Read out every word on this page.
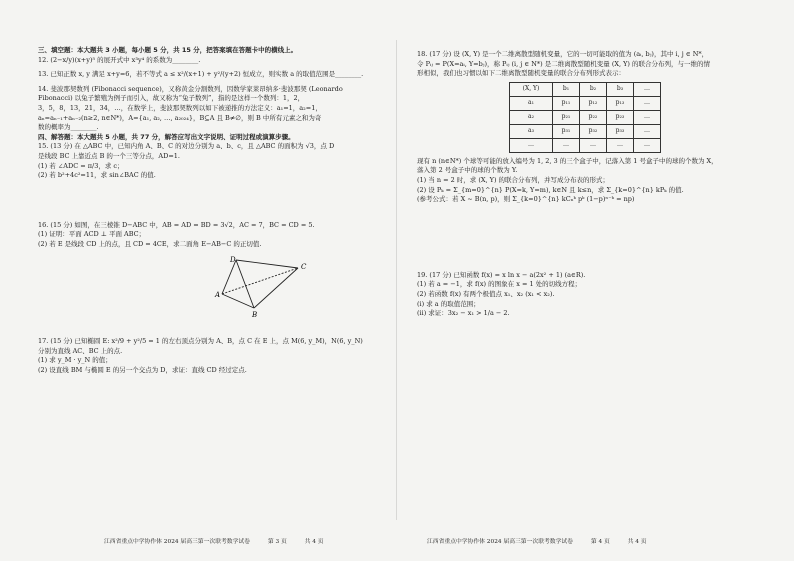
三、填空题：本大题共 3 小题，每小题 5 分，共 15 分，把答案填在答题卡中的横线上。

12. (2−x/y)(x+y)⁵ 的展开式中 x³y⁴ 的系数为________.

13. 已知正数 x, y 满足 x+y=6，若不等式 a ≤ x²/(x+1) + y²/(y+2) 恒成立，则实数 a 的取值范围是________.

14. 斐波那契数列 (Fibonacci sequence)，又称黄金分割数列，因数学家莱昂纳多·斐波那契 (Leonardo

Fibonacci) 以兔子繁殖为例子而引入，故又称为“兔子数列”，指的是这样一个数列：1，2，

3，5，8，13，21，34，…，在数学上，斐波那契数列以如下被递推的方法定义：a₁=1，a₂=1，

aₙ=aₙ₋₁+aₙ₋₂(n≥2, n∈N*)，A={a₁, a₂, …, a₂₀₂₄}，B⊆A 且 B≠∅，则 B 中所有元素之和为奇

数的概率为________.

四、解答题：本大题共 5 小题，共 77 分，解答应写出文字说明、证明过程或演算步骤。

15. (13 分) 在 △ABC 中，已知内角 A、B、C 的对边分别为 a、b、c，且 △ABC 的面积为 √3，点 D

是线段 BC 上靠近点 B 的一个三等分点，AD=1.

(1) 若 ∠ADC = π/3，求 c；

(2) 若 b²+4c²=11，求 sin∠BAC 的值.

16. (15 分) 如图，在三棱锥 D−ABC 中，AB = AD = BD = 3√2，AC = 7，BC = CD = 5.

(1) 证明：平面 ACD ⊥ 平面 ABC；

(2) 若 E 是线段 CD 上的点，且 CD = 4CE，求二面角 E−AB−C 的正切值.

D
C
A
B

17. (15 分) 已知椭圆 E: x²/9 + y²/5 = 1 的左右顶点分别为 A、B，点 C 在 E 上，点 M(6, y_M)，N(6, y_N)

分别为直线 AC、BC 上的点.

(1) 求 y_M · y_N 的值；

(2) 设直线 BM 与椭圆 E 的另一个交点为 D，求证：直线 CD 经过定点.

江西省重点中学协作体 2024 届高三第一次联考数学试卷	第 3 页	共 4 页

18. (17 分) 设 (X, Y) 是一个二维离散型随机变量，它的一切可能取的值为 (aᵢ, bⱼ)，其中 i, j ∈ N*，

令 Pᵢⱼ = P(X=aᵢ, Y=bⱼ)，称 Pᵢⱼ (i, j ∈ N*) 是二维离散型随机变量 (X, Y) 的联合分布列，与一维的情

形相似，我们也习惯以如下二维离散型随机变量的联合分布列形式表示：

(X, Y)	b₁	b₂	b₃	…
a₁	p₁₁	p₁₂	p₁₃	…
a₂	p₂₁	p₂₂	p₂₃	…
a₃	p₃₁	p₃₂	p₃₃	…
…	…	…	…	…

现有 n (n∈N*) 个球等可能的放入编号为 1, 2, 3 的三个盒子中，记落入第 1 号盒子中的球的个数为 X，

落入第 2 号盒子中的球的个数为 Y.

(1) 当 n = 2 时，求 (X, Y) 的联合分布列，并写成分布表的形式；

(2) 设 Pₖ = Σ_{m=0}^{n} P(X=k, Y=m), k∈N 且 k≤n，求 Σ_{k=0}^{n} kPₖ 的值.

(参考公式：若 X ~ B(n, p)，则 Σ_{k=0}^{n} kCₙᵏ pᵏ (1−p)ⁿ⁻ᵏ = np)

19. (17 分) 已知函数 f(x) = x ln x − a(2x² + 1) (a∈R).

(1) 若 a = −1，求 f(x) 的图象在 x = 1 处的切线方程；

(2) 若函数 f(x) 有两个极值点 x₁、x₂ (x₁ < x₂).

(i) 求 a 的取值范围；

(ii) 求证：3x₂ − x₁ > 1/a − 2.

江西省重点中学协作体 2024 届高三第一次联考数学试卷	第 4 页	共 4 页
